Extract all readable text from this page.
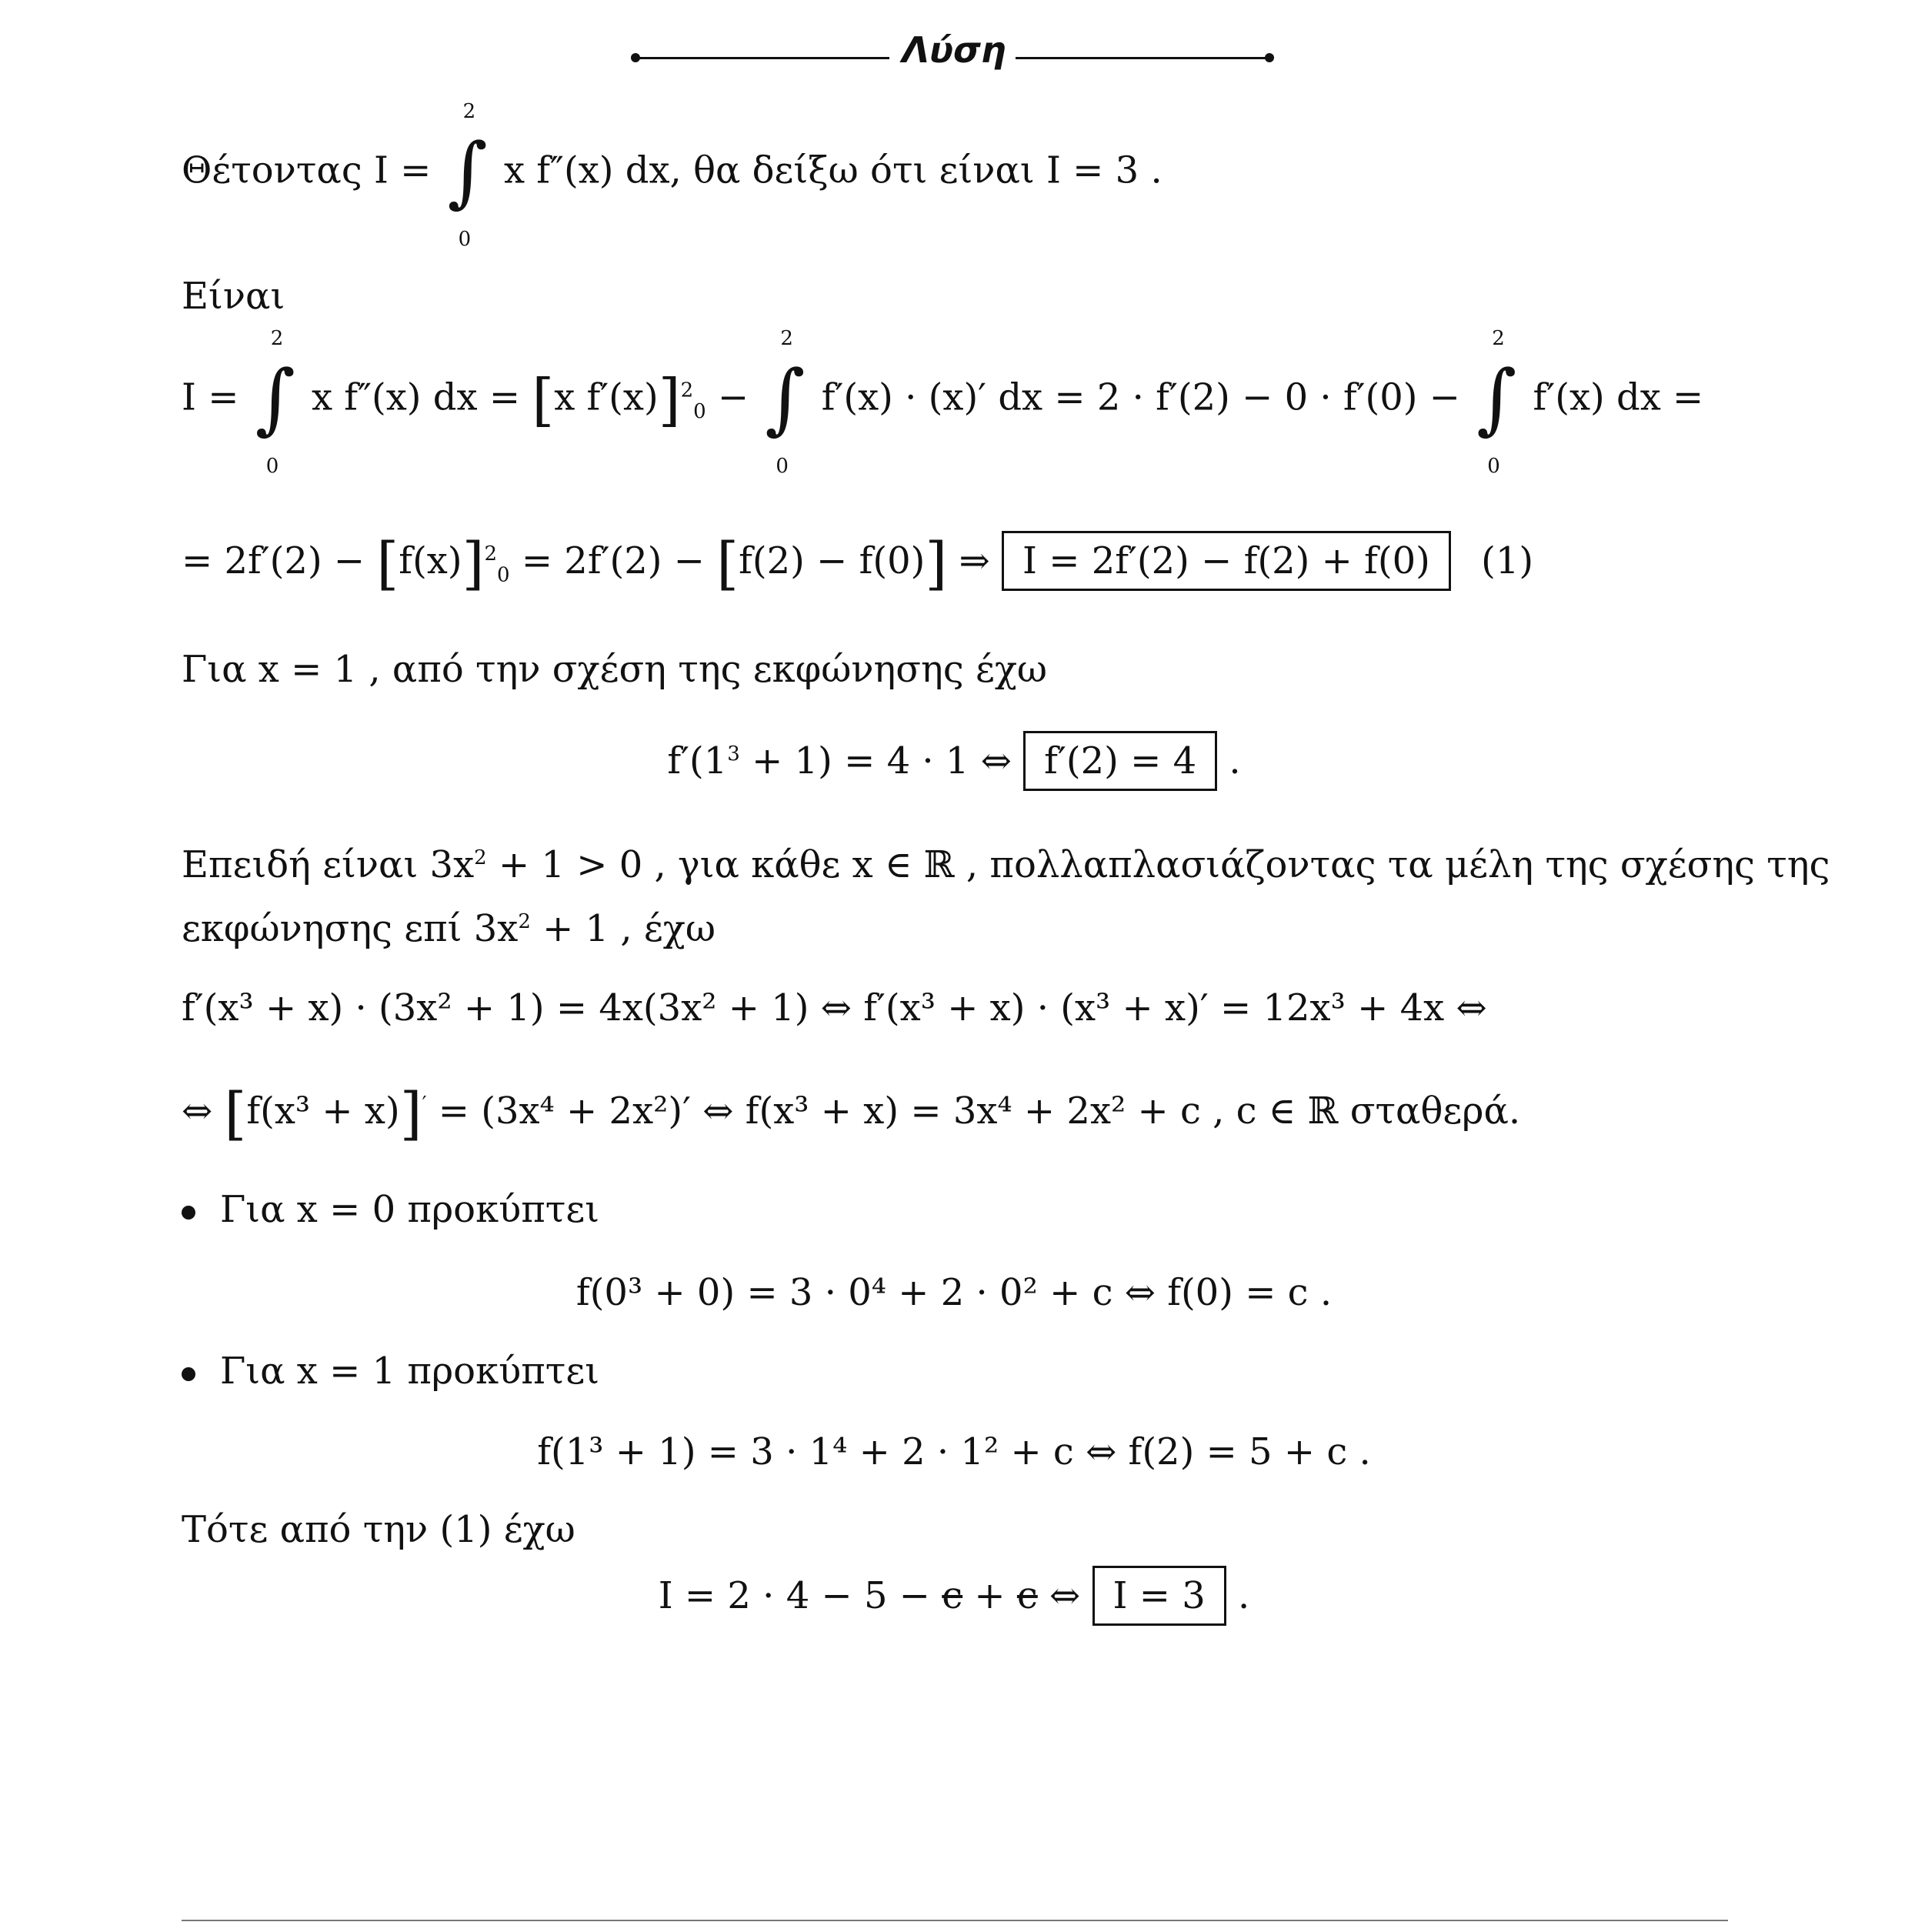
Λύση
Θέτοντας I =
2
∫
0
x f″(x) dx, θα δείξω ότι είναι I = 3 .
Είναι
I =
2
∫
0
x f″(x) dx = [x f′(x)]$^2_0$ −
2
∫
0
f′(x) · (x)′ dx = 2 · f′(2) − 0 · f′(0) −
2
∫
0
f′(x) dx =
= $2f'(2) - [f(x)]^2_0 = 2f'(2) - [f(2) - f(0)]$ ⇒ I = 2f′(2) − f(2) + f(0) (1)
Για x = 1 , από την σχέση της εκφώνησης έχω
$f'(1^3 + 1) = 4 \cdot 1$ ⇔ f′(2) = 4 .
Επειδή είναι $3x^2 + 1 > 0$ , για κάθε x ∈ ℝ , πολλαπλασιάζοντας τα μέλη της σχέσης της
εκφώνησης επί $3x^2 + 1$ , έχω
f′(x³ + x) · (3x² + 1) = 4x(3x² + 1) ⇔ f′(x³ + x) · (x³ + x)′ = 12x³ + 4x ⇔
⇔ [f(x³ + x)]′ = (3x⁴ + 2x²)′ ⇔ f(x³ + x) = 3x⁴ + 2x² + c , c ∈ ℝ σταθερά.
Για x = 0 προκύπτει
f(0³ + 0) = 3 · 0⁴ + 2 · 0² + c ⇔ f(0) = c .
Για x = 1 προκύπτει
f(1³ + 1) = 3 · 1⁴ + 2 · 1² + c ⇔ f(2) = 5 + c .
Τότε από την (1) έχω
I = 2 · 4 − 5 − c + c ⇔ I = 3 .
